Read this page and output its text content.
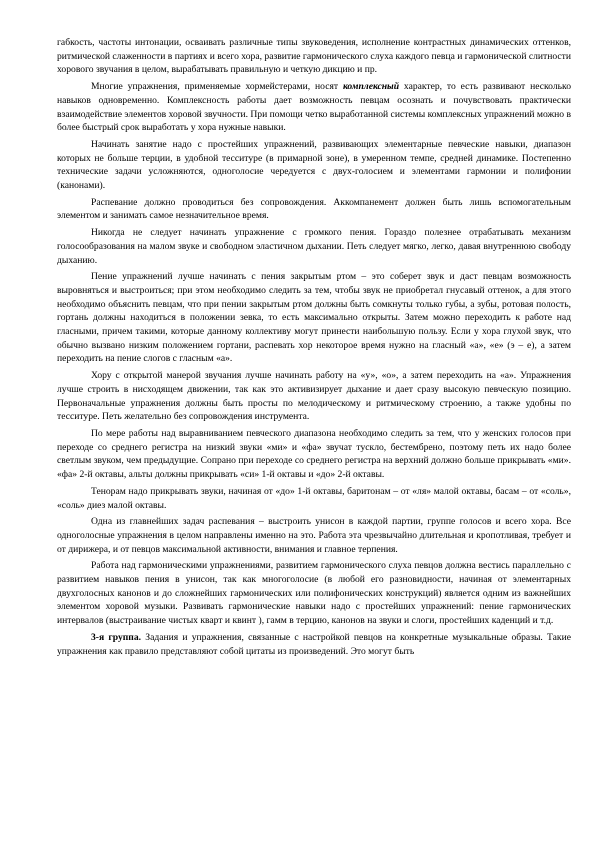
габкость, частоты интонации, осваивать различные типы звуковедения, исполнение контрастных динамических оттенков, ритмической слаженности в партиях и всего хора, развитие гармонического слуха каждого певца и гармонической слитности хорового звучания в целом, вырабатывать правильную и четкую дикцию и пр.

Многие упражнения, применяемые хормейстерами, носят комплексный характер, то есть развивают несколько навыков одновременно. Комплексность работы дает возможность певцам осознать и почувствовать практически взаимодействие элементов хоровой звучности. При помощи четко выработанной системы комплексных упражнений можно в более быстрый срок выработать у хора нужные навыки.

Начинать занятие надо с простейших упражнений, развивающих элементарные певческие навыки, диапазон которых не больше терции, в удобной тесситуре (в примарной зоне), в умеренном темпе, средней динамике. Постепенно технические задачи усложняются, одноголосие чередуется с двух-голосием и элементами гармонии и полифонии (канонами).

Распевание должно проводиться без сопровождения. Аккомпанемент должен быть лишь вспомогательным элементом и занимать самое незначительное время.

Никогда не следует начинать упражнение с громкого пения. Гораздо полезнее отрабатывать механизм голосообразования на малом звуке и свободном эластичном дыхании. Петь следует мягко, легко, давая внутреннюю свободу дыханию.

Пение упражнений лучше начинать с пения закрытым ртом – это соберет звук и даст певцам возможность выровняться и выстроиться; при этом необходимо следить за тем, чтобы звук не приобретал гнусавый оттенок, а для этого необходимо объяснить певцам, что при пении закрытым ртом должны быть сомкнуты только губы, а зубы, ротовая полость, гортань должны находиться в положении зевка, то есть максимально открыты. Затем можно переходить к работе над гласными, причем такими, которые данному коллективу могут принести наибольшую пользу. Если у хора глухой звук, что обычно вызвано низким положением гортани, распевать хор некоторое время нужно на гласный «а», «е» (э – е), а затем переходить на пение слогов с гласным «а».

Хору с открытой манерой звучания лучше начинать работу на «у», «о», а затем переходить на «а». Упражнения лучше строить в нисходящем движении, так как это активизирует дыхание и дает сразу высокую певческую позицию. Первоначальные упражнения должны быть просты по мелодическому и ритмическому строению, а также удобны по тесситуре. Петь желательно без сопровождения инструмента.

По мере работы над выравниванием певческого диапазона необходимо следить за тем, что у женских голосов при переходе со среднего регистра на низкий звуки «ми» и «фа» звучат тускло, бестембрено, поэтому петь их надо более светлым звуком, чем предыдущие. Сопрано при переходе со среднего регистра на верхний должно больше прикрывать «ми». «фа» 2-й октавы, альты должны прикрывать «си» 1-й октавы и «до» 2-й октавы.

Тенорам надо прикрывать звуки, начиная от «до» 1-й октавы, баритонам – от «ля» малой октавы, басам – от «соль», «соль» диез малой октавы.

Одна из главнейших задач распевания – выстроить унисон в каждой партии, группе голосов и всего хора. Все одноголосные упражнения в целом направлены именно на это. Работа эта чрезвычайно длительная и кропотливая, требует и от дирижера, и от певцов максимальной активности, внимания и главное терпения.

Работа над гармоническими упражнениями, развитием гармонического слуха певцов должна вестись параллельно с развитием навыков пения в унисон, так как многоголосие (в любой его разновидности, начиная от элементарных двухголосных канонов и до сложнейших гармонических или полифонических конструкций) является одним из важнейших элементом хоровой музыки. Развивать гармонические навыки надо с простейших упражнений: пение гармонических интервалов (выстраивание чистых кварт и квинт ), гамм в терцию, канонов на звуки и слоги, простейших каденций и т.д.

3-я группа. Задания и упражнения, связанные с настройкой певцов на конкретные музыкальные образы. Такие упражнения как правило представляют собой цитаты из произведений. Это могут быть
